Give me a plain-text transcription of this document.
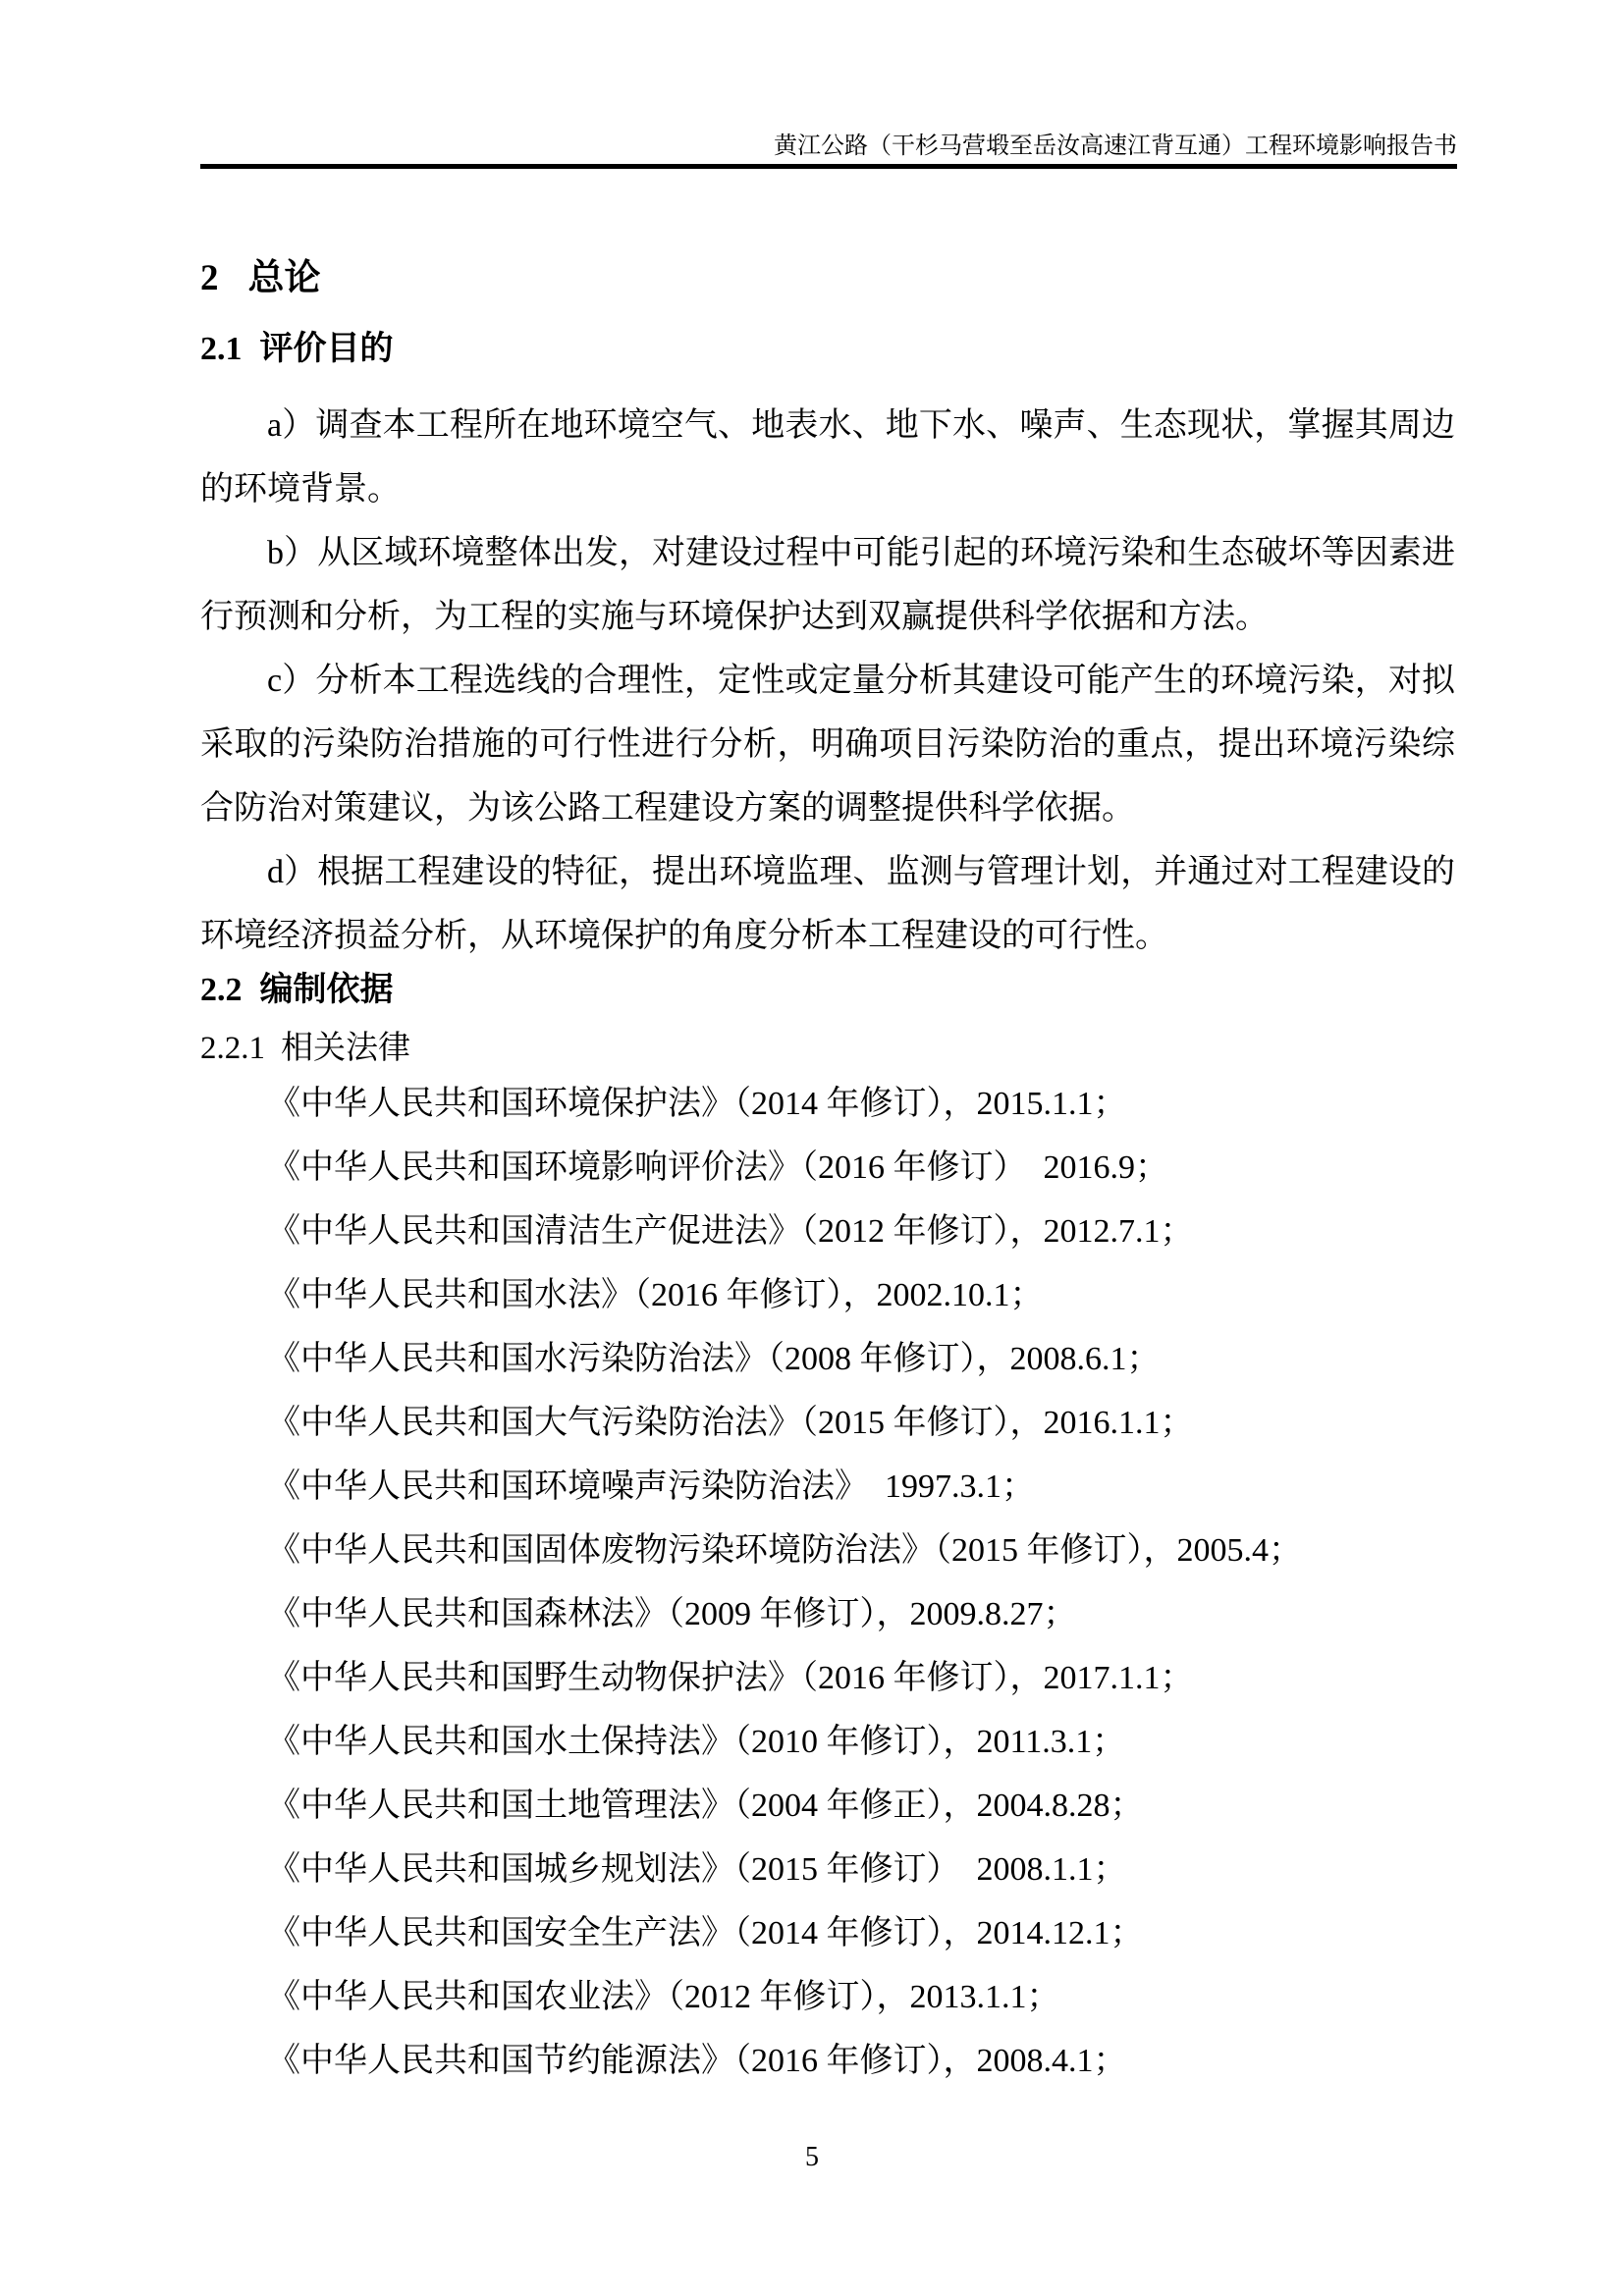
黄江公路（干杉马营塅至岳汝高速江背互通）工程环境影响报告书
2 总论
2.1 评价目的

a）调查本工程所在地环境空气、地表水、地下水、噪声、生态现状，掌握其周边的环境背景。

b）从区域环境整体出发，对建设过程中可能引起的环境污染和生态破坏等因素进行预测和分析，为工程的实施与环境保护达到双赢提供科学依据和方法。

c）分析本工程选线的合理性，定性或定量分析其建设可能产生的环境污染，对拟采取的污染防治措施的可行性进行分析，明确项目污染防治的重点，提出环境污染综合防治对策建议，为该公路工程建设方案的调整提供科学依据。

d）根据工程建设的特征，提出环境监理、监测与管理计划，并通过对工程建设的环境经济损益分析，从环境保护的角度分析本工程建设的可行性。

2.2 编制依据
2.2.1 相关法律
《中华人民共和国环境保护法》（2014 年修订），2015.1.1；
《中华人民共和国环境影响评价法》（2016 年修订）　2016.9；
《中华人民共和国清洁生产促进法》（2012 年修订），2012.7.1；
《中华人民共和国水法》（2016 年修订），2002.10.1；
《中华人民共和国水污染防治法》（2008 年修订），2008.6.1；
《中华人民共和国大气污染防治法》（2015 年修订），2016.1.1；
《中华人民共和国环境噪声污染防治法》　1997.3.1；
《中华人民共和国固体废物污染环境防治法》（2015 年修订），2005.4；
《中华人民共和国森林法》（2009 年修订），2009.8.27；
《中华人民共和国野生动物保护法》（2016 年修订），2017.1.1；
《中华人民共和国水土保持法》（2010 年修订），2011.3.1；
《中华人民共和国土地管理法》（2004 年修正），2004.8.28；
《中华人民共和国城乡规划法》（2015 年修订）　2008.1.1；
《中华人民共和国安全生产法》（2014 年修订），2014.12.1；
《中华人民共和国农业法》（2012 年修订），2013.1.1；
《中华人民共和国节约能源法》（2016 年修订），2008.4.1；
5
